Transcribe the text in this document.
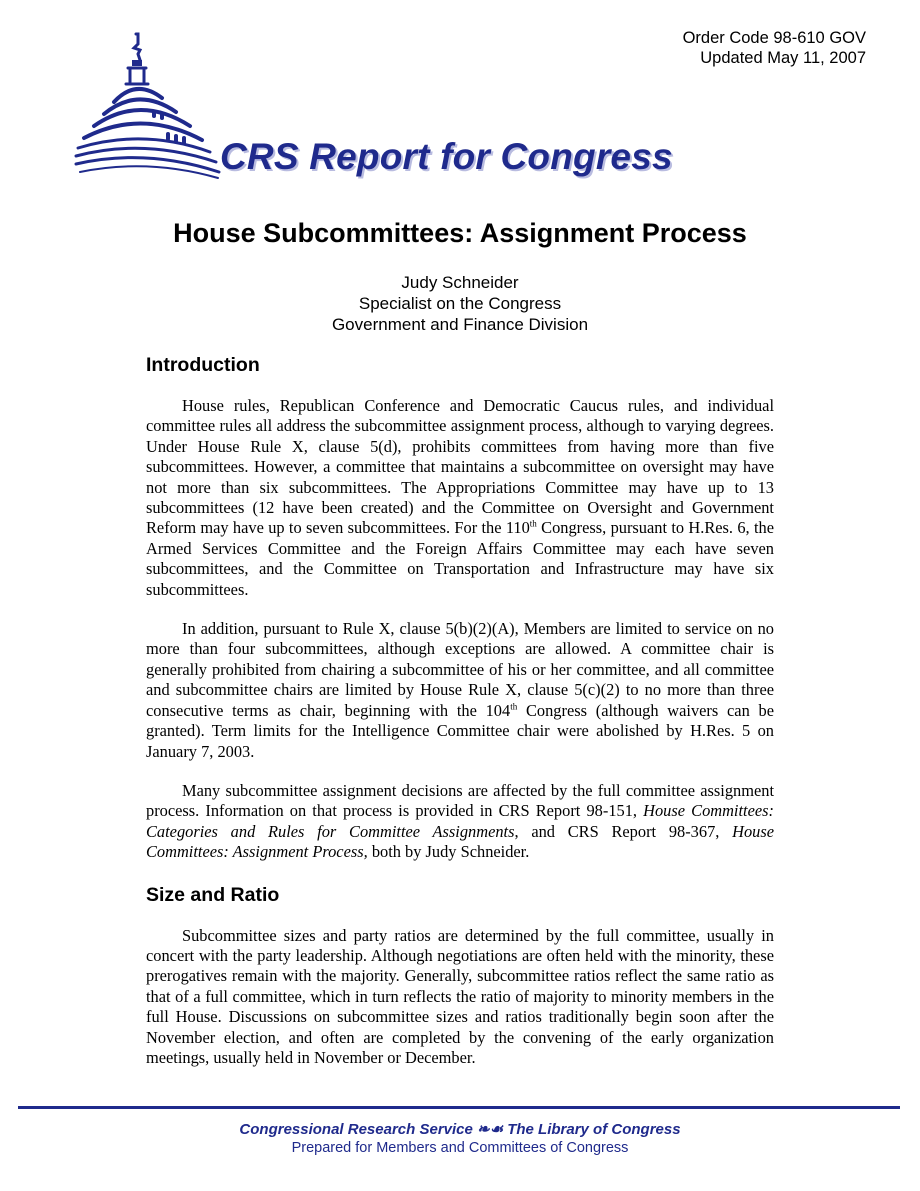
Order Code 98-610 GOV
Updated May 11, 2007
CRS Report for Congress
House Subcommittees: Assignment Process
Judy Schneider
Specialist on the Congress
Government and Finance Division
Introduction

House rules, Republican Conference and Democratic Caucus rules, and individual committee rules all address the subcommittee assignment process, although to varying degrees. Under House Rule X, clause 5(d), prohibits committees from having more than five subcommittees. However, a committee that maintains a subcommittee on oversight may have not more than six subcommittees. The Appropriations Committee may have up to 13 subcommittees (12 have been created) and the Committee on Oversight and Government Reform may have up to seven subcommittees. For the 110th Congress, pursuant to H.Res. 6, the Armed Services Committee and the Foreign Affairs Committee may each have seven subcommittees, and the Committee on Transportation and Infrastructure may have six subcommittees.

In addition, pursuant to Rule X, clause 5(b)(2)(A), Members are limited to service on no more than four subcommittees, although exceptions are allowed. A committee chair is generally prohibited from chairing a subcommittee of his or her committee, and all committee and subcommittee chairs are limited by House Rule X, clause 5(c)(2) to no more than three consecutive terms as chair, beginning with the 104th Congress (although waivers can be granted). Term limits for the Intelligence Committee chair were abolished by H.Res. 5 on January 7, 2003.

Many subcommittee assignment decisions are affected by the full committee assignment process. Information on that process is provided in CRS Report 98-151, House Committees: Categories and Rules for Committee Assignments, and CRS Report 98-367, House Committees: Assignment Process, both by Judy Schneider.

Size and Ratio

Subcommittee sizes and party ratios are determined by the full committee, usually in concert with the party leadership. Although negotiations are often held with the minority, these prerogatives remain with the majority. Generally, subcommittee ratios reflect the same ratio as that of a full committee, which in turn reflects the ratio of majority to minority members in the full House. Discussions on subcommittee sizes and ratios traditionally begin soon after the November election, and often are completed by the convening of the early organization meetings, usually held in November or December.

Congressional Research Service ❧☙ The Library of Congress
Prepared for Members and Committees of Congress
